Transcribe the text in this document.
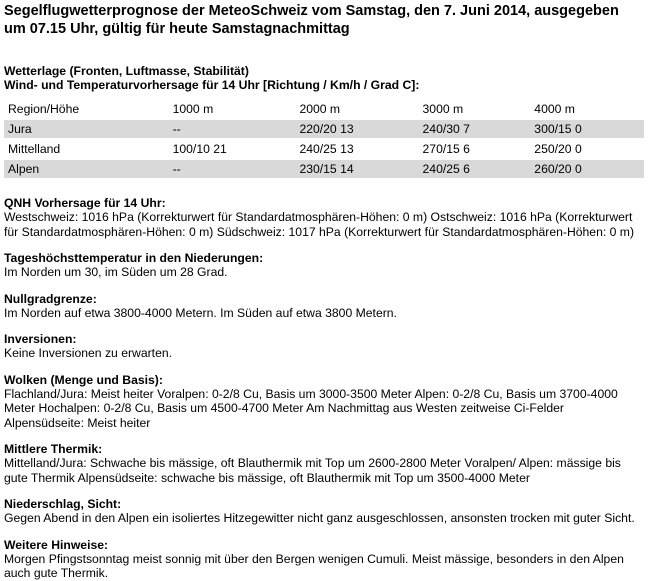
Segelflugwetterprognose der MeteoSchweiz vom Samstag, den 7. Juni 2014, ausgegeben um 07.15 Uhr, gültig für heute Samstagnachmittag
Wetterlage (Fronten, Luftmasse, Stabilität)
Wind- und Temperaturvorhersage für 14 Uhr [Richtung / Km/h / Grad C]:
Region/Höhe	1000 m	2000 m	3000 m	4000 m
Jura	--	220/20 13	240/30 7	300/15 0
Mittelland	100/10 21	240/25 13	270/15 6	250/20 0
Alpen	--	230/15 14	240/25 6	260/20 0
QNH Vorhersage für 14 Uhr:
Westschweiz: 1016 hPa (Korrekturwert für Standardatmosphären-Höhen: 0 m) Ostschweiz: 1016 hPa (Korrekturwert für Standardatmosphären-Höhen: 0 m) Südschweiz: 1017 hPa (Korrekturwert für Standardatmosphären-Höhen: 0 m)
Tageshöchsttemperatur in den Niederungen:
Im Norden um 30, im Süden um 28 Grad.
Nullgradgrenze:
Im Norden auf etwa 3800-4000 Metern. Im Süden auf etwa 3800 Metern.
Inversionen:
Keine Inversionen zu erwarten.
Wolken (Menge und Basis):
Flachland/Jura: Meist heiter Voralpen: 0-2/8 Cu, Basis um 3000-3500 Meter Alpen: 0-2/8 Cu, Basis um 3700-4000 Meter Hochalpen: 0-2/8 Cu, Basis um 4500-4700 Meter Am Nachmittag aus Westen zeitweise Ci-Felder Alpensüdseite: Meist heiter
Mittlere Thermik:
Mittelland/Jura: Schwache bis mässige, oft Blauthermik mit Top um 2600-2800 Meter Voralpen/ Alpen: mässige bis gute Thermik Alpensüdseite: schwache bis mässige, oft Blauthermik mit Top um 3500-4000 Meter
Niederschlag, Sicht:
Gegen Abend in den Alpen ein isoliertes Hitzegewitter nicht ganz ausgeschlossen, ansonsten trocken mit guter Sicht.
Weitere Hinweise:
Morgen Pfingstsonntag meist sonnig mit über den Bergen wenigen Cumuli. Meist mässige, besonders in den Alpen auch gute Thermik.
